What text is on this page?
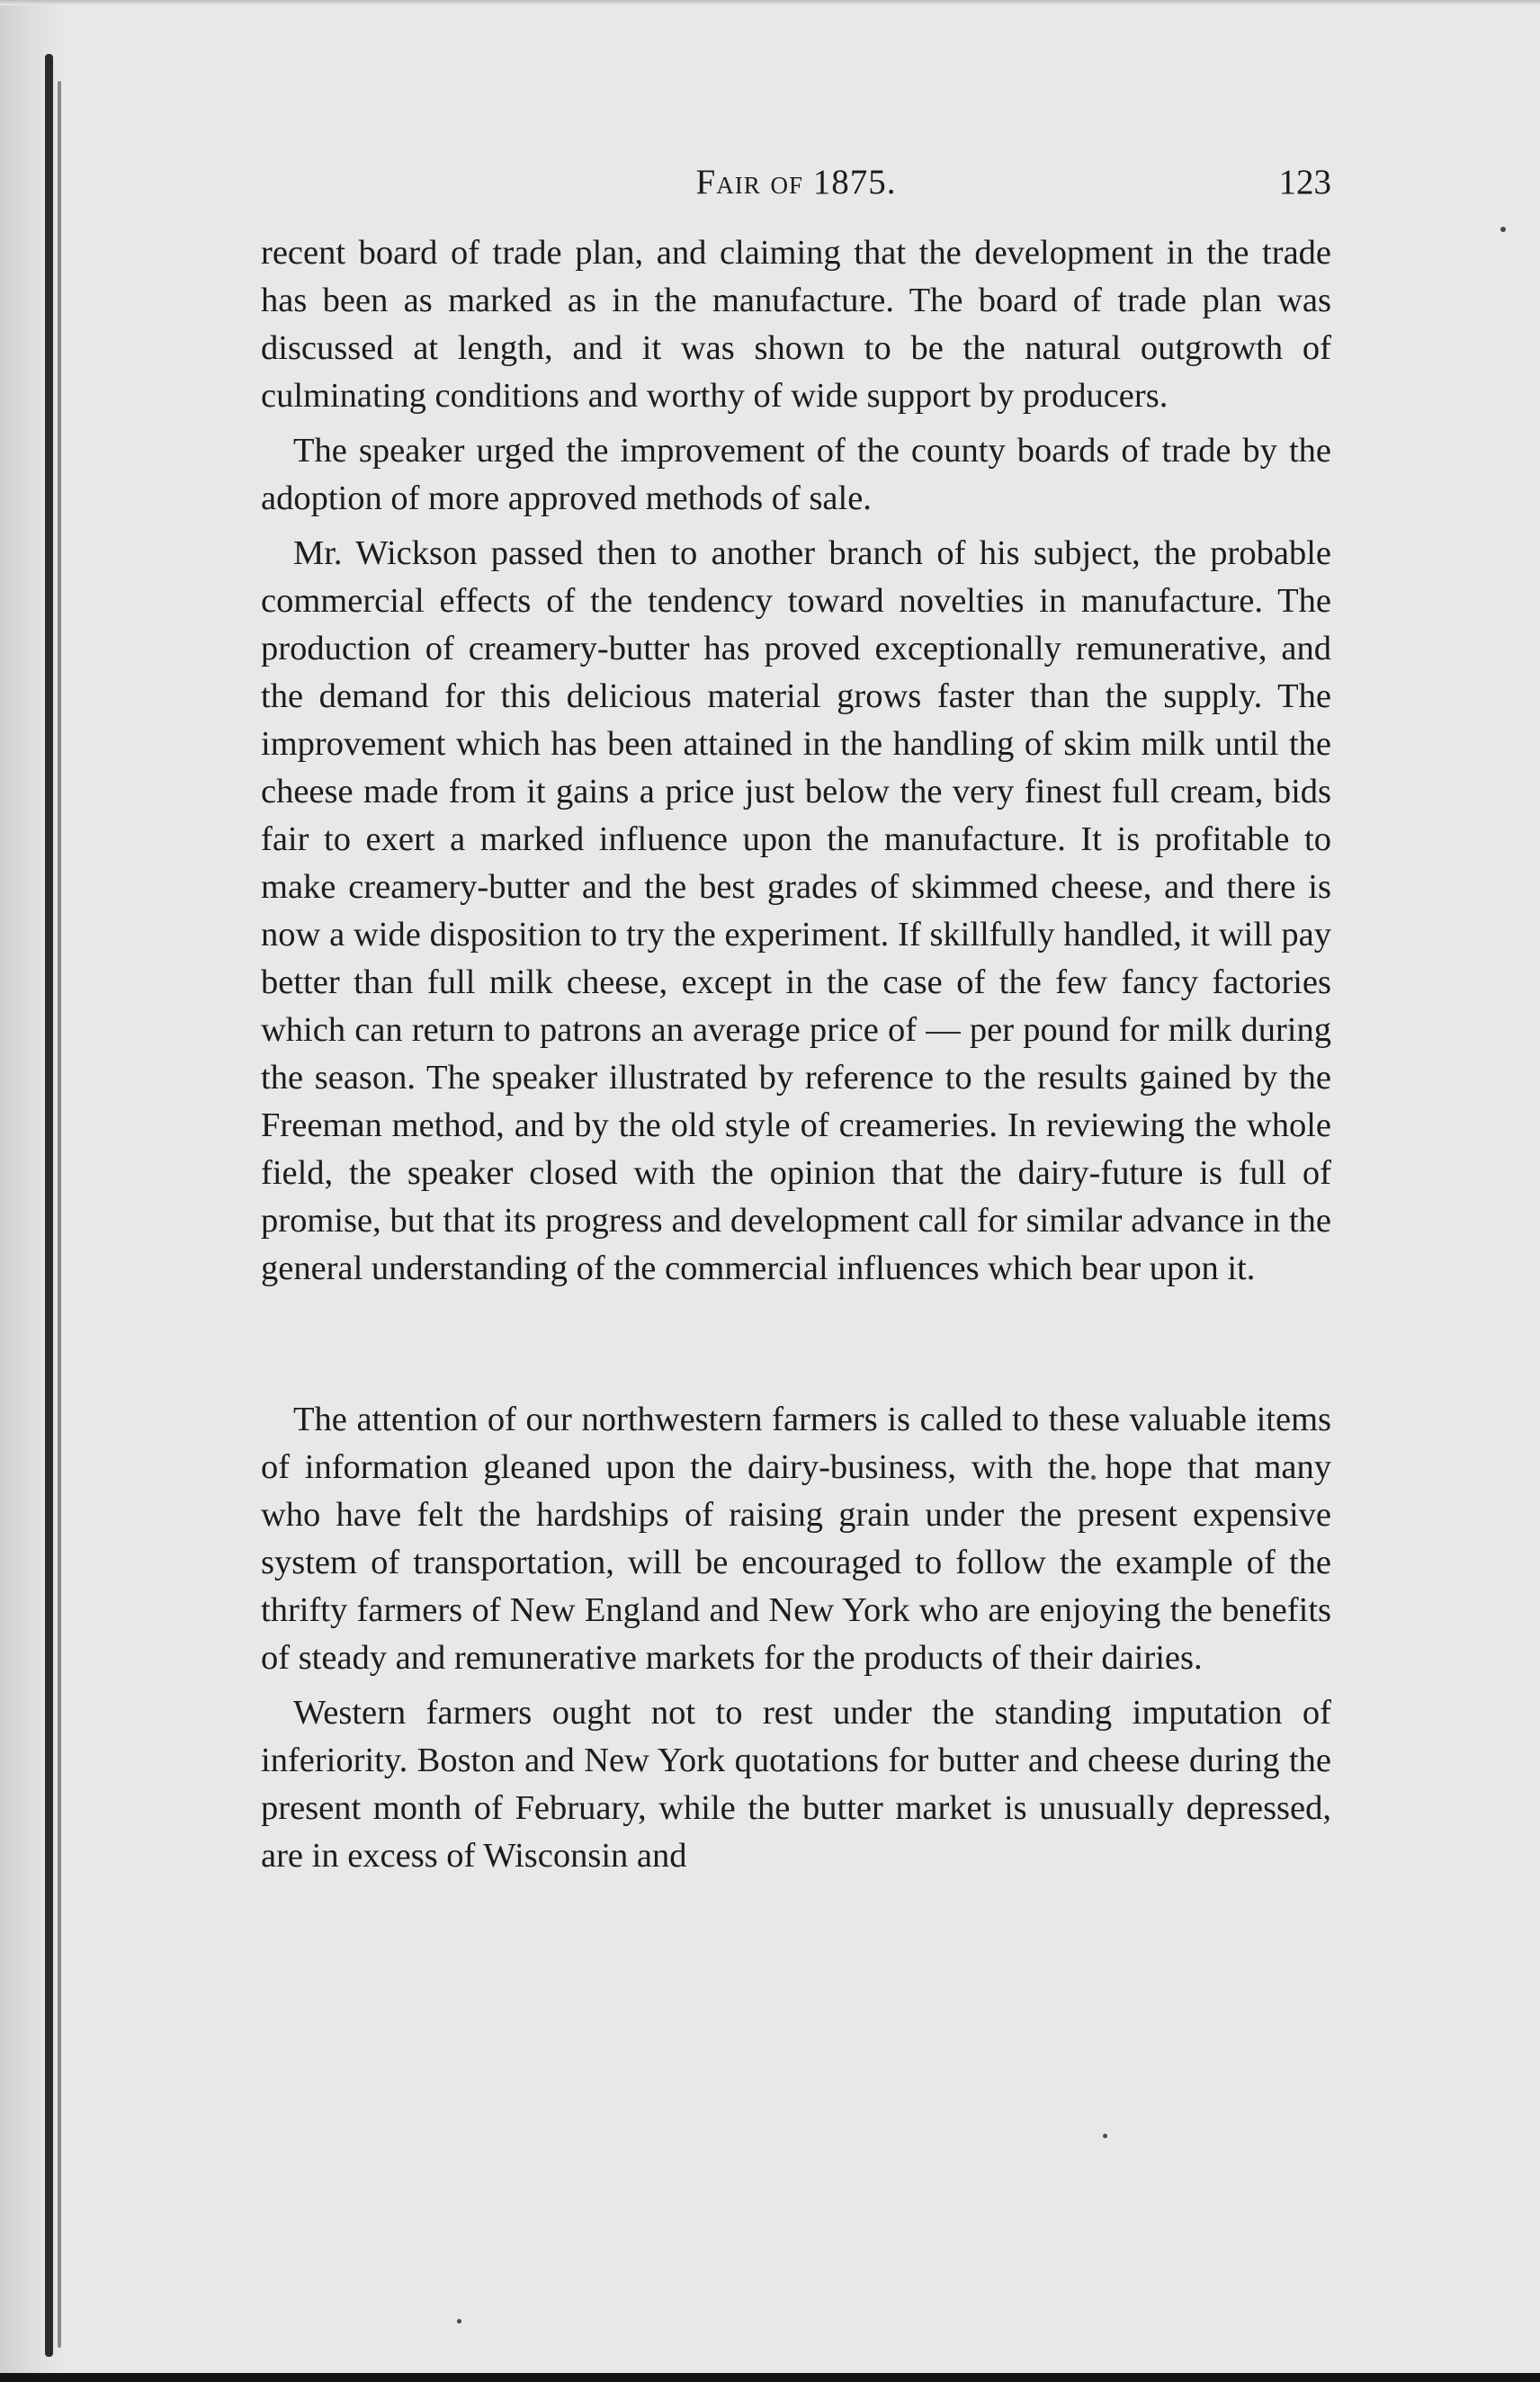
Fair of 1875.	123

recent board of trade plan, and claiming that the development in the trade has been as marked as in the manufacture. The board of trade plan was discussed at length, and it was shown to be the natural outgrowth of culminating conditions and worthy of wide support by producers.

The speaker urged the improvement of the county boards of trade by the adoption of more approved methods of sale.

Mr. Wickson passed then to another branch of his subject, the probable commercial effects of the tendency toward novelties in manufacture. The production of creamery-butter has proved exceptionally remunerative, and the demand for this delicious material grows faster than the supply. The improvement which has been attained in the handling of skim milk until the cheese made from it gains a price just below the very finest full cream, bids fair to exert a marked influence upon the manufacture. It is profitable to make creamery-butter and the best grades of skimmed cheese, and there is now a wide disposition to try the experiment. If skillfully handled, it will pay better than full milk cheese, except in the case of the few fancy factories which can return to patrons an average price of — per pound for milk during the season. The speaker illustrated by reference to the results gained by the Freeman method, and by the old style of creameries. In reviewing the whole field, the speaker closed with the opinion that the dairy-future is full of promise, but that its progress and development call for similar advance in the general understanding of the commercial influences which bear upon it.

The attention of our northwestern farmers is called to these valuable items of information gleaned upon the dairy-business, with the hope that many who have felt the hardships of raising grain under the present expensive system of transportation, will be encouraged to follow the example of the thrifty farmers of New England and New York who are enjoying the benefits of steady and remunerative markets for the products of their dairies.

Western farmers ought not to rest under the standing imputation of inferiority. Boston and New York quotations for butter and cheese during the present month of February, while the butter market is unusually depressed, are in excess of Wisconsin and
